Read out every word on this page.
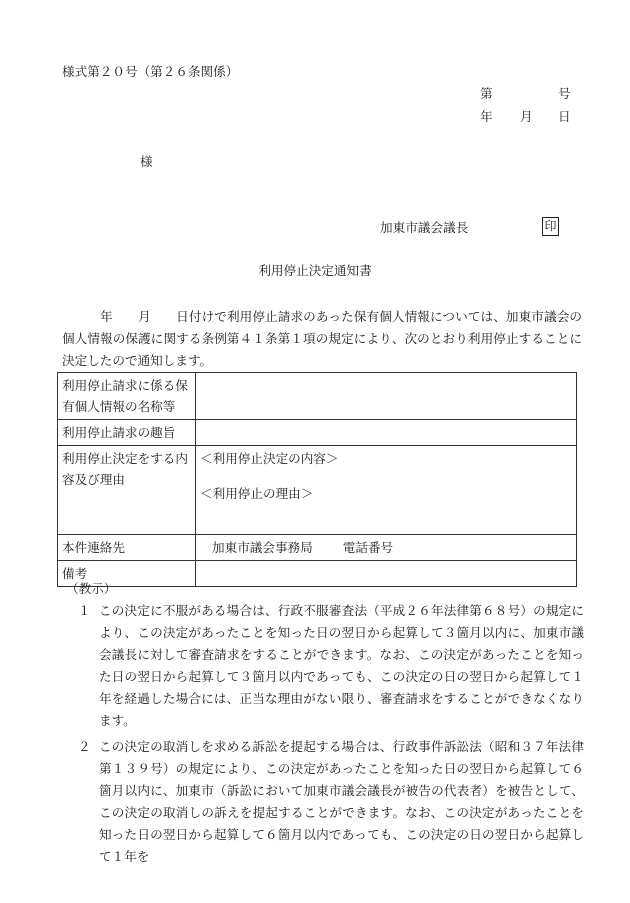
様式第２０号（第２６条関係）
第	号
年 月 日
様
加東市議会議長	印
利用停止決定通知書

年　　月　　日付けで利用停止請求のあった保有個人情報については、加東市議会の個人情報の保護に関する条例第４１条第１項の規定により、次のとおり利用停止することに決定したので通知します。

利用停止請求に係る保有個人情報の名称等	
利用停止請求の趣旨	
利用停止決定をする内容及び理由	＜利用停止決定の内容＞
＜利用停止の理由＞

本件連絡先	加東市議会事務局 電話番号
備考	
（教示）
１ この決定に不服がある場合は、行政不服審査法（平成２６年法律第６８号）の規定により、この決定があったことを知った日の翌日から起算して３箇月以内に、加東市議会議長に対して審査請求をすることができます。なお、この決定があったことを知った日の翌日から起算して３箇月以内であっても、この決定の日の翌日から起算して１年を経過した場合には、正当な理由がない限り、審査請求をすることができなくなります。
２ この決定の取消しを求める訴訟を提起する場合は、行政事件訴訟法（昭和３７年法律第１３９号）の規定により、この決定があったことを知った日の翌日から起算して６箇月以内に、加東市（訴訟において加東市議会議長が被告の代表者）を被告として、この決定の取消しの訴えを提起することができます。なお、この決定があったことを知った日の翌日から起算して６箇月以内であっても、この決定の日の翌日から起算して１年を
